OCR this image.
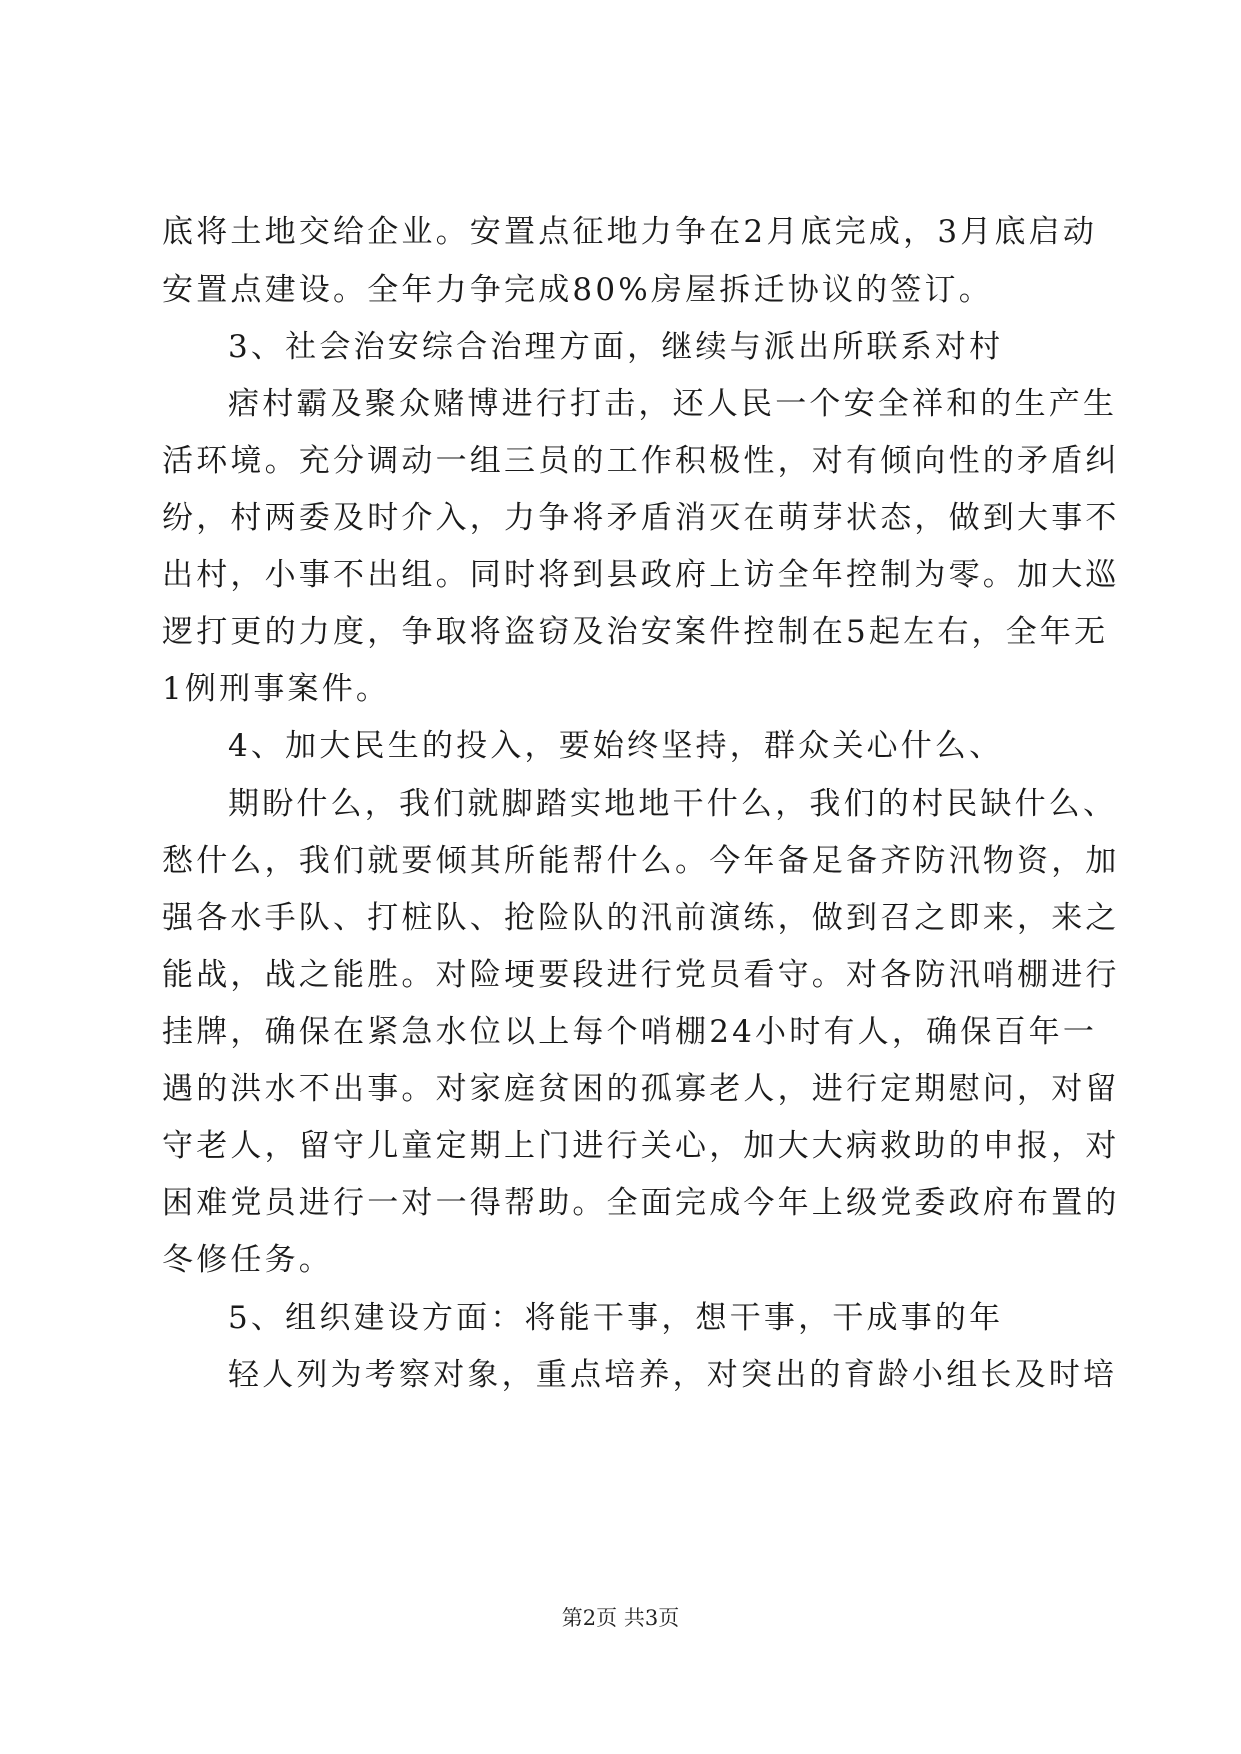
底将土地交给企业。安置点征地力争在2月底完成，3月底启动
安置点建设。全年力争完成80%房屋拆迁协议的签订。
3、社会治安综合治理方面，继续与派出所联系对村
痞村霸及聚众赌博进行打击，还人民一个安全祥和的生产生
活环境。充分调动一组三员的工作积极性，对有倾向性的矛盾纠
纷，村两委及时介入，力争将矛盾消灭在萌芽状态，做到大事不
出村，小事不出组。同时将到县政府上访全年控制为零。加大巡
逻打更的力度，争取将盗窃及治安案件控制在5起左右，全年无
1例刑事案件。
4、加大民生的投入，要始终坚持，群众关心什么、
期盼什么，我们就脚踏实地地干什么，我们的村民缺什么、
愁什么，我们就要倾其所能帮什么。今年备足备齐防汛物资，加
强各水手队、打桩队、抢险队的汛前演练，做到召之即来，来之
能战，战之能胜。对险埂要段进行党员看守。对各防汛哨棚进行
挂牌，确保在紧急水位以上每个哨棚24小时有人，确保百年一
遇的洪水不出事。对家庭贫困的孤寡老人，进行定期慰问，对留
守老人，留守儿童定期上门进行关心，加大大病救助的申报，对
困难党员进行一对一得帮助。全面完成今年上级党委政府布置的
冬修任务。
5、组织建设方面：将能干事，想干事，干成事的年
轻人列为考察对象，重点培养，对突出的育龄小组长及时培
第2页 共3页
